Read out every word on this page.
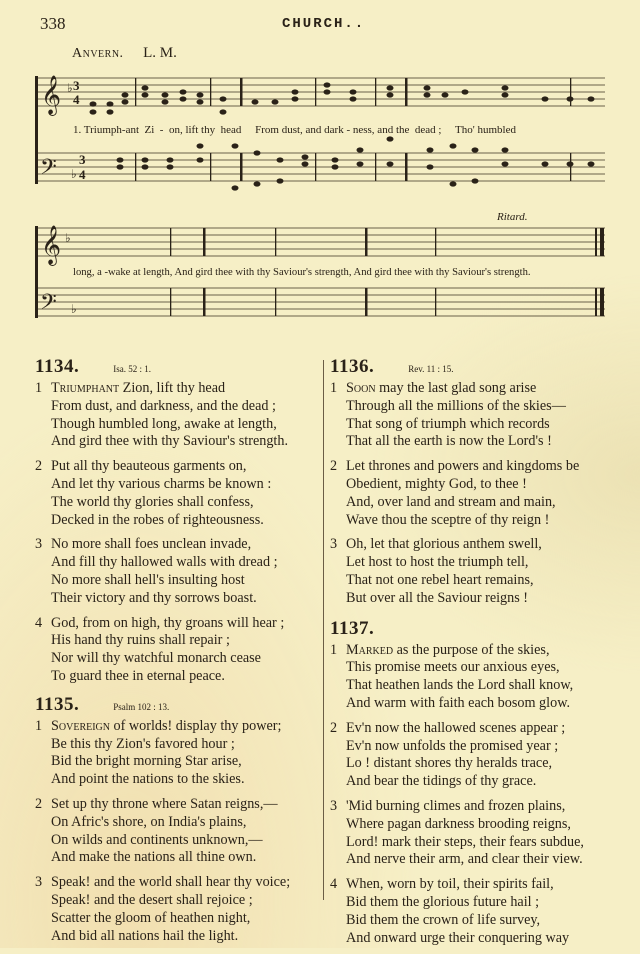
338	CHURCH..
Anvern. L. M.
𝄞
𝄢
♭ 3
4
♭
3
4
1. Triumph-ant  Zi  -  on, lift thy  head     From dust, and dark - ness, and the  dead ;     Tho' humbled
𝄞
𝄢
♭
♭
Ritard.
long, a -wake at length, And gird thee with thy Saviour's strength, And gird thee with thy Saviour's strength.
1134.	Isa. 52 : 1.
1 Triumphant Zion, lift thy head
From dust, and darkness, and the dead ;
Though humbled long, awake at length,
And gird thee with thy Saviour's strength.
2 Put all thy beauteous garments on,
And let thy various charms be known :
The world thy glories shall confess,
Decked in the robes of righteousness.
3 No more shall foes unclean invade,
And fill thy hallowed walls with dread ;
No more shall hell's insulting host
Their victory and thy sorrows boast.
4 God, from on high, thy groans will hear ;
His hand thy ruins shall repair ;
Nor will thy watchful monarch cease
To guard thee in eternal peace.
1135.	Psalm 102 : 13.
1 Sovereign of worlds! display thy power;
Be this thy Zion's favored hour ;
Bid the bright morning Star arise,
And point the nations to the skies.
2 Set up thy throne where Satan reigns,—
On Afric's shore, on India's plains,
On wilds and continents unknown,—
And make the nations all thine own.
3 Speak! and the world shall hear thy voice;
Speak! and the desert shall rejoice ;
Scatter the gloom of heathen night,
And bid all nations hail the light.
1136.	Rev. 11 : 15.
1 Soon may the last glad song arise
Through all the millions of the skies—
That song of triumph which records
That all the earth is now the Lord's !
2 Let thrones and powers and kingdoms be
Obedient, mighty God, to thee !
And, over land and stream and main,
Wave thou the sceptre of thy reign !
3 Oh, let that glorious anthem swell,
Let host to host the triumph tell,
That not one rebel heart remains,
But over all the Saviour reigns !
1137.
1 Marked as the purpose of the skies,
This promise meets our anxious eyes,
That heathen lands the Lord shall know,
And warm with faith each bosom glow.
2 Ev'n now the hallowed scenes appear ;
Ev'n now unfolds the promised year ;
Lo ! distant shores thy heralds trace,
And bear the tidings of thy grace.
3 'Mid burning climes and frozen plains,
Where pagan darkness brooding reigns,
Lord! mark their steps, their fears subdue,
And nerve their arm, and clear their view.
4 When, worn by toil, their spirits fail,
Bid them the glorious future hail ;
Bid them the crown of life survey,
And onward urge their conquering way
